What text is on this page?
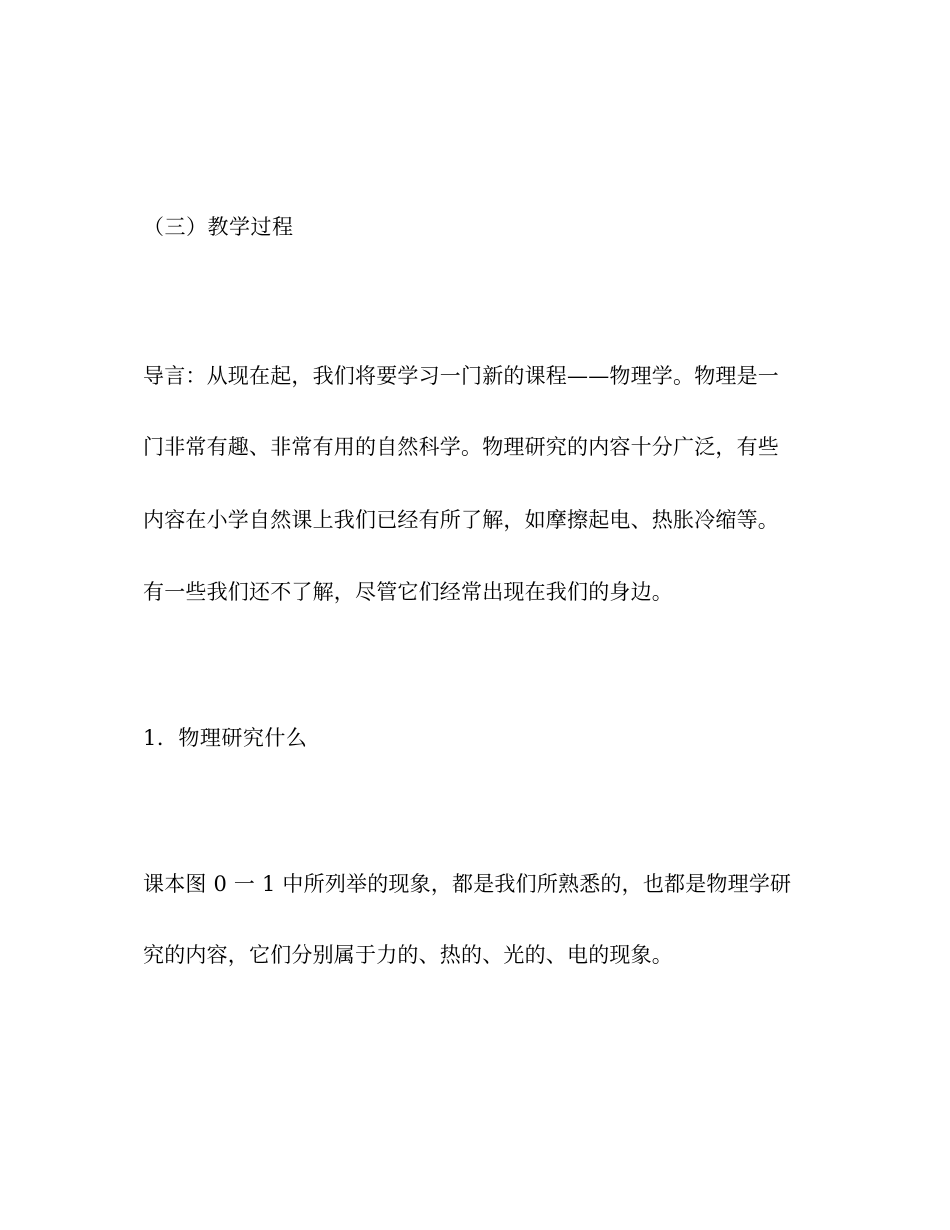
（三）教学过程
导言：从现在起，我们将要学习一门新的课程——物理学。物理是一
门非常有趣、非常有用的自然科学。物理研究的内容十分广泛，有些
内容在小学自然课上我们已经有所了解，如摩擦起电、热胀冷缩等。
有一些我们还不了解，尽管它们经常出现在我们的身边。
1．物理研究什么
课本图 0 一 1 中所列举的现象，都是我们所熟悉的，也都是物理学研
究的内容，它们分别属于力的、热的、光的、电的现象。
